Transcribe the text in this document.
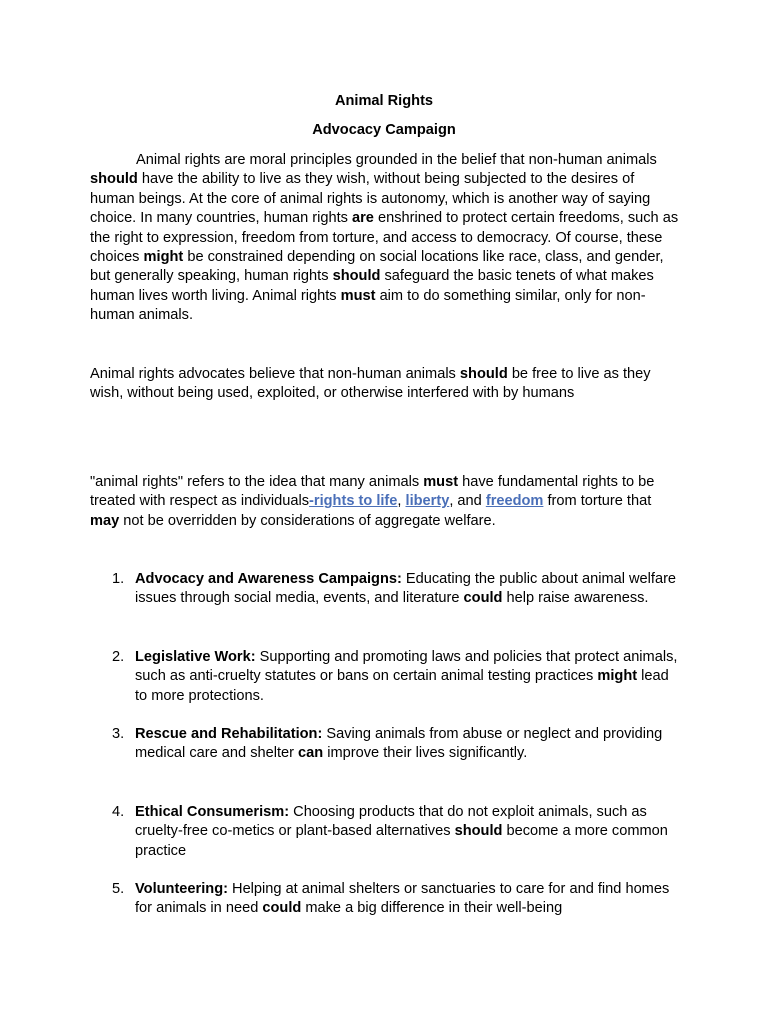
Animal Rights
Advocacy Campaign
Animal rights are moral principles grounded in the belief that non-human animals should have the ability to live as they wish, without being subjected to the desires of human beings. At the core of animal rights is autonomy, which is another way of saying choice. In many countries, human rights are enshrined to protect certain freedoms, such as the right to expression, freedom from torture, and access to democracy. Of course, these choices might be constrained depending on social locations like race, class, and gender, but generally speaking, human rights should safeguard the basic tenets of what makes human lives worth living. Animal rights must aim to do something similar, only for non-human animals.
Animal rights advocates believe that non-human animals should be free to live as they wish, without being used, exploited, or otherwise interfered with by humans
"animal rights" refers to the idea that many animals must have fundamental rights to be treated with respect as individuals-rights to life, liberty, and freedom from torture that may not be overridden by considerations of aggregate welfare.
1. Advocacy and Awareness Campaigns: Educating the public about animal welfare issues through social media, events, and literature could help raise awareness.
2. Legislative Work: Supporting and promoting laws and policies that protect animals, such as anti-cruelty statutes or bans on certain animal testing practices might lead to more protections.
3. Rescue and Rehabilitation: Saving animals from abuse or neglect and providing medical care and shelter can improve their lives significantly.
4. Ethical Consumerism: Choosing products that do not exploit animals, such as cruelty-free co-metics or plant-based alternatives should become a more common practice
5. Volunteering: Helping at animal shelters or sanctuaries to care for and find homes for animals in need could make a big difference in their well-being
